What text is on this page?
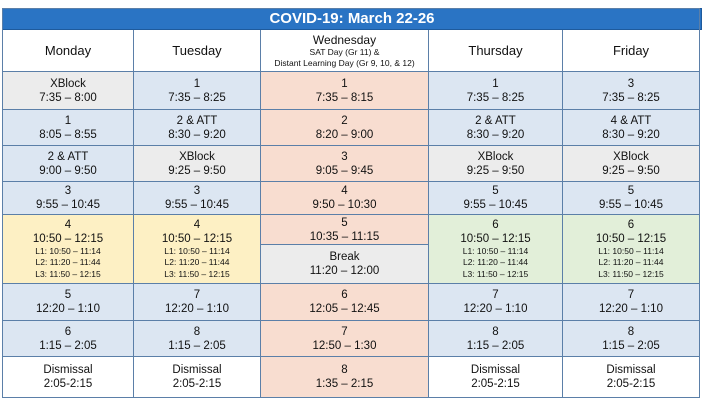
COVID-19: March 22-26
Monday
XBlock
7:35 – 8:00
1
8:05 – 8:55
2 & ATT
9:00 – 9:50
3
9:55 – 10:45
4
10:50 – 12:15
L1: 10:50 – 11:14
L2: 11:20 – 11:44
L3: 11:50 – 12:15
5
12:20 – 1:10
6
1:15 – 2:05
Dismissal
2:05-2:15
Tuesday
1
7:35 – 8:25
2 & ATT
8:30 – 9:20
XBlock
9:25 – 9:50
3
9:55 – 10:45
4
10:50 – 12:15
L1: 10:50 – 11:14
L2: 11:20 – 11:44
L3: 11:50 – 12:15
7
12:20 – 1:10
8
1:15 – 2:05
Dismissal
2:05-2:15
Wednesday
SAT Day (Gr 11) &
Distant Learning Day (Gr 9, 10, & 12)
1
7:35 – 8:15
2
8:20 – 9:00
3
9:05 – 9:45
4
9:50 – 10:30
5
10:35 – 11:15
Break
11:20 – 12:00
6
12:05 – 12:45
7
12:50 – 1:30
8
1:35 – 2:15
Thursday
1
7:35 – 8:25
2 & ATT
8:30 – 9:20
XBlock
9:25 – 9:50
5
9:55 – 10:45
6
10:50 – 12:15
L1: 10:50 – 11:14
L2: 11:20 – 11:44
L3: 11:50 – 12:15
7
12:20 – 1:10
8
1:15 – 2:05
Dismissal
2:05-2:15
Friday
3
7:35 – 8:25
4 & ATT
8:30 – 9:20
XBlock
9:25 – 9:50
5
9:55 – 10:45
6
10:50 – 12:15
L1: 10:50 – 11:14
L2: 11:20 – 11:44
L3: 11:50 – 12:15
7
12:20 – 1:10
8
1:15 – 2:05
Dismissal
2:05-2:15
